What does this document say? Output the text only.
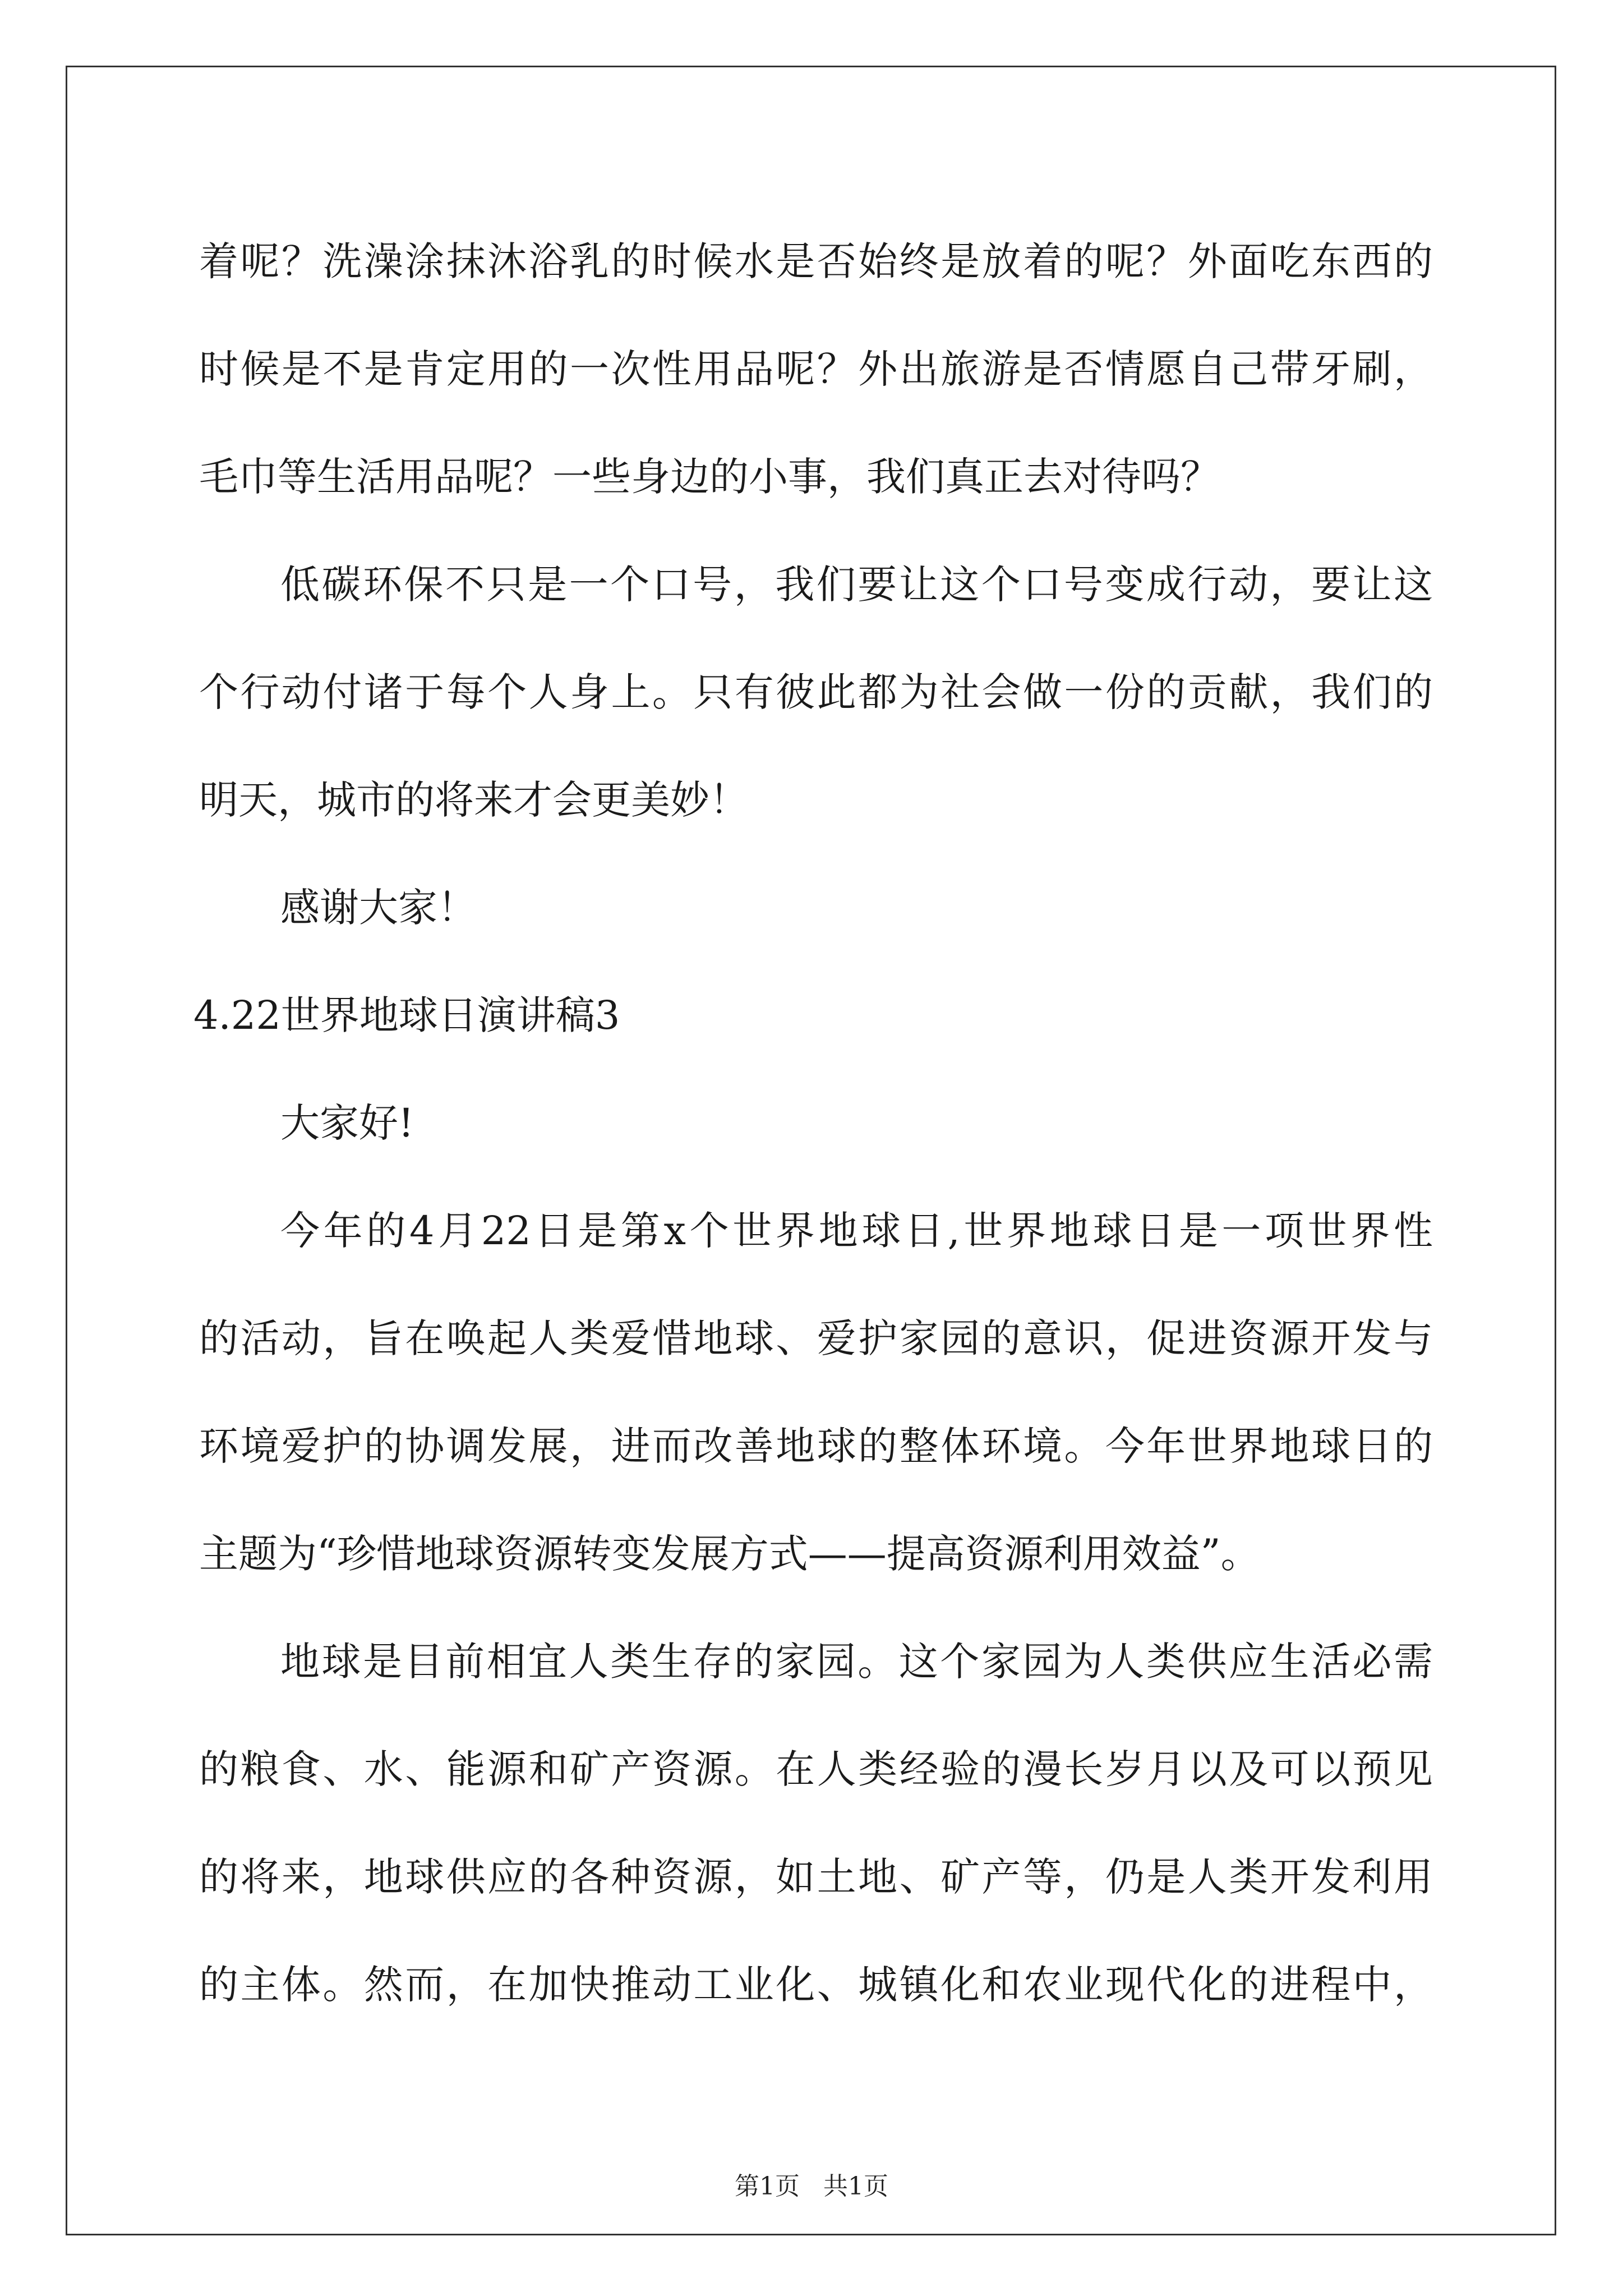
着呢？洗澡涂抹沐浴乳的时候水是否始终是放着的呢？外面吃东西的

时候是不是肯定用的一次性用品呢？外出旅游是否情愿自己带牙刷，

毛巾等生活用品呢？一些身边的小事，我们真正去对待吗？

低碳环保不只是一个口号，我们要让这个口号变成行动，要让这

个行动付诸于每个人身上。只有彼此都为社会做一份的贡献，我们的

明天，城市的将来才会更美妙！

感谢大家！

4.22世界地球日演讲稿3

大家好!

今年的4月22日是第x个世界地球日,世界地球日是一项世界性

的活动，旨在唤起人类爱惜地球、爱护家园的意识，促进资源开发与

环境爱护的协调发展，进而改善地球的整体环境。今年世界地球日的

主题为“珍惜地球资源转变发展方式——提高资源利用效益”。

地球是目前相宜人类生存的家园。这个家园为人类供应生活必需

的粮食、水、能源和矿产资源。在人类经验的漫长岁月以及可以预见

的将来，地球供应的各种资源，如土地、矿产等，仍是人类开发利用

的主体。然而，在加快推动工业化、城镇化和农业现代化的进程中，

第1页   共1页
